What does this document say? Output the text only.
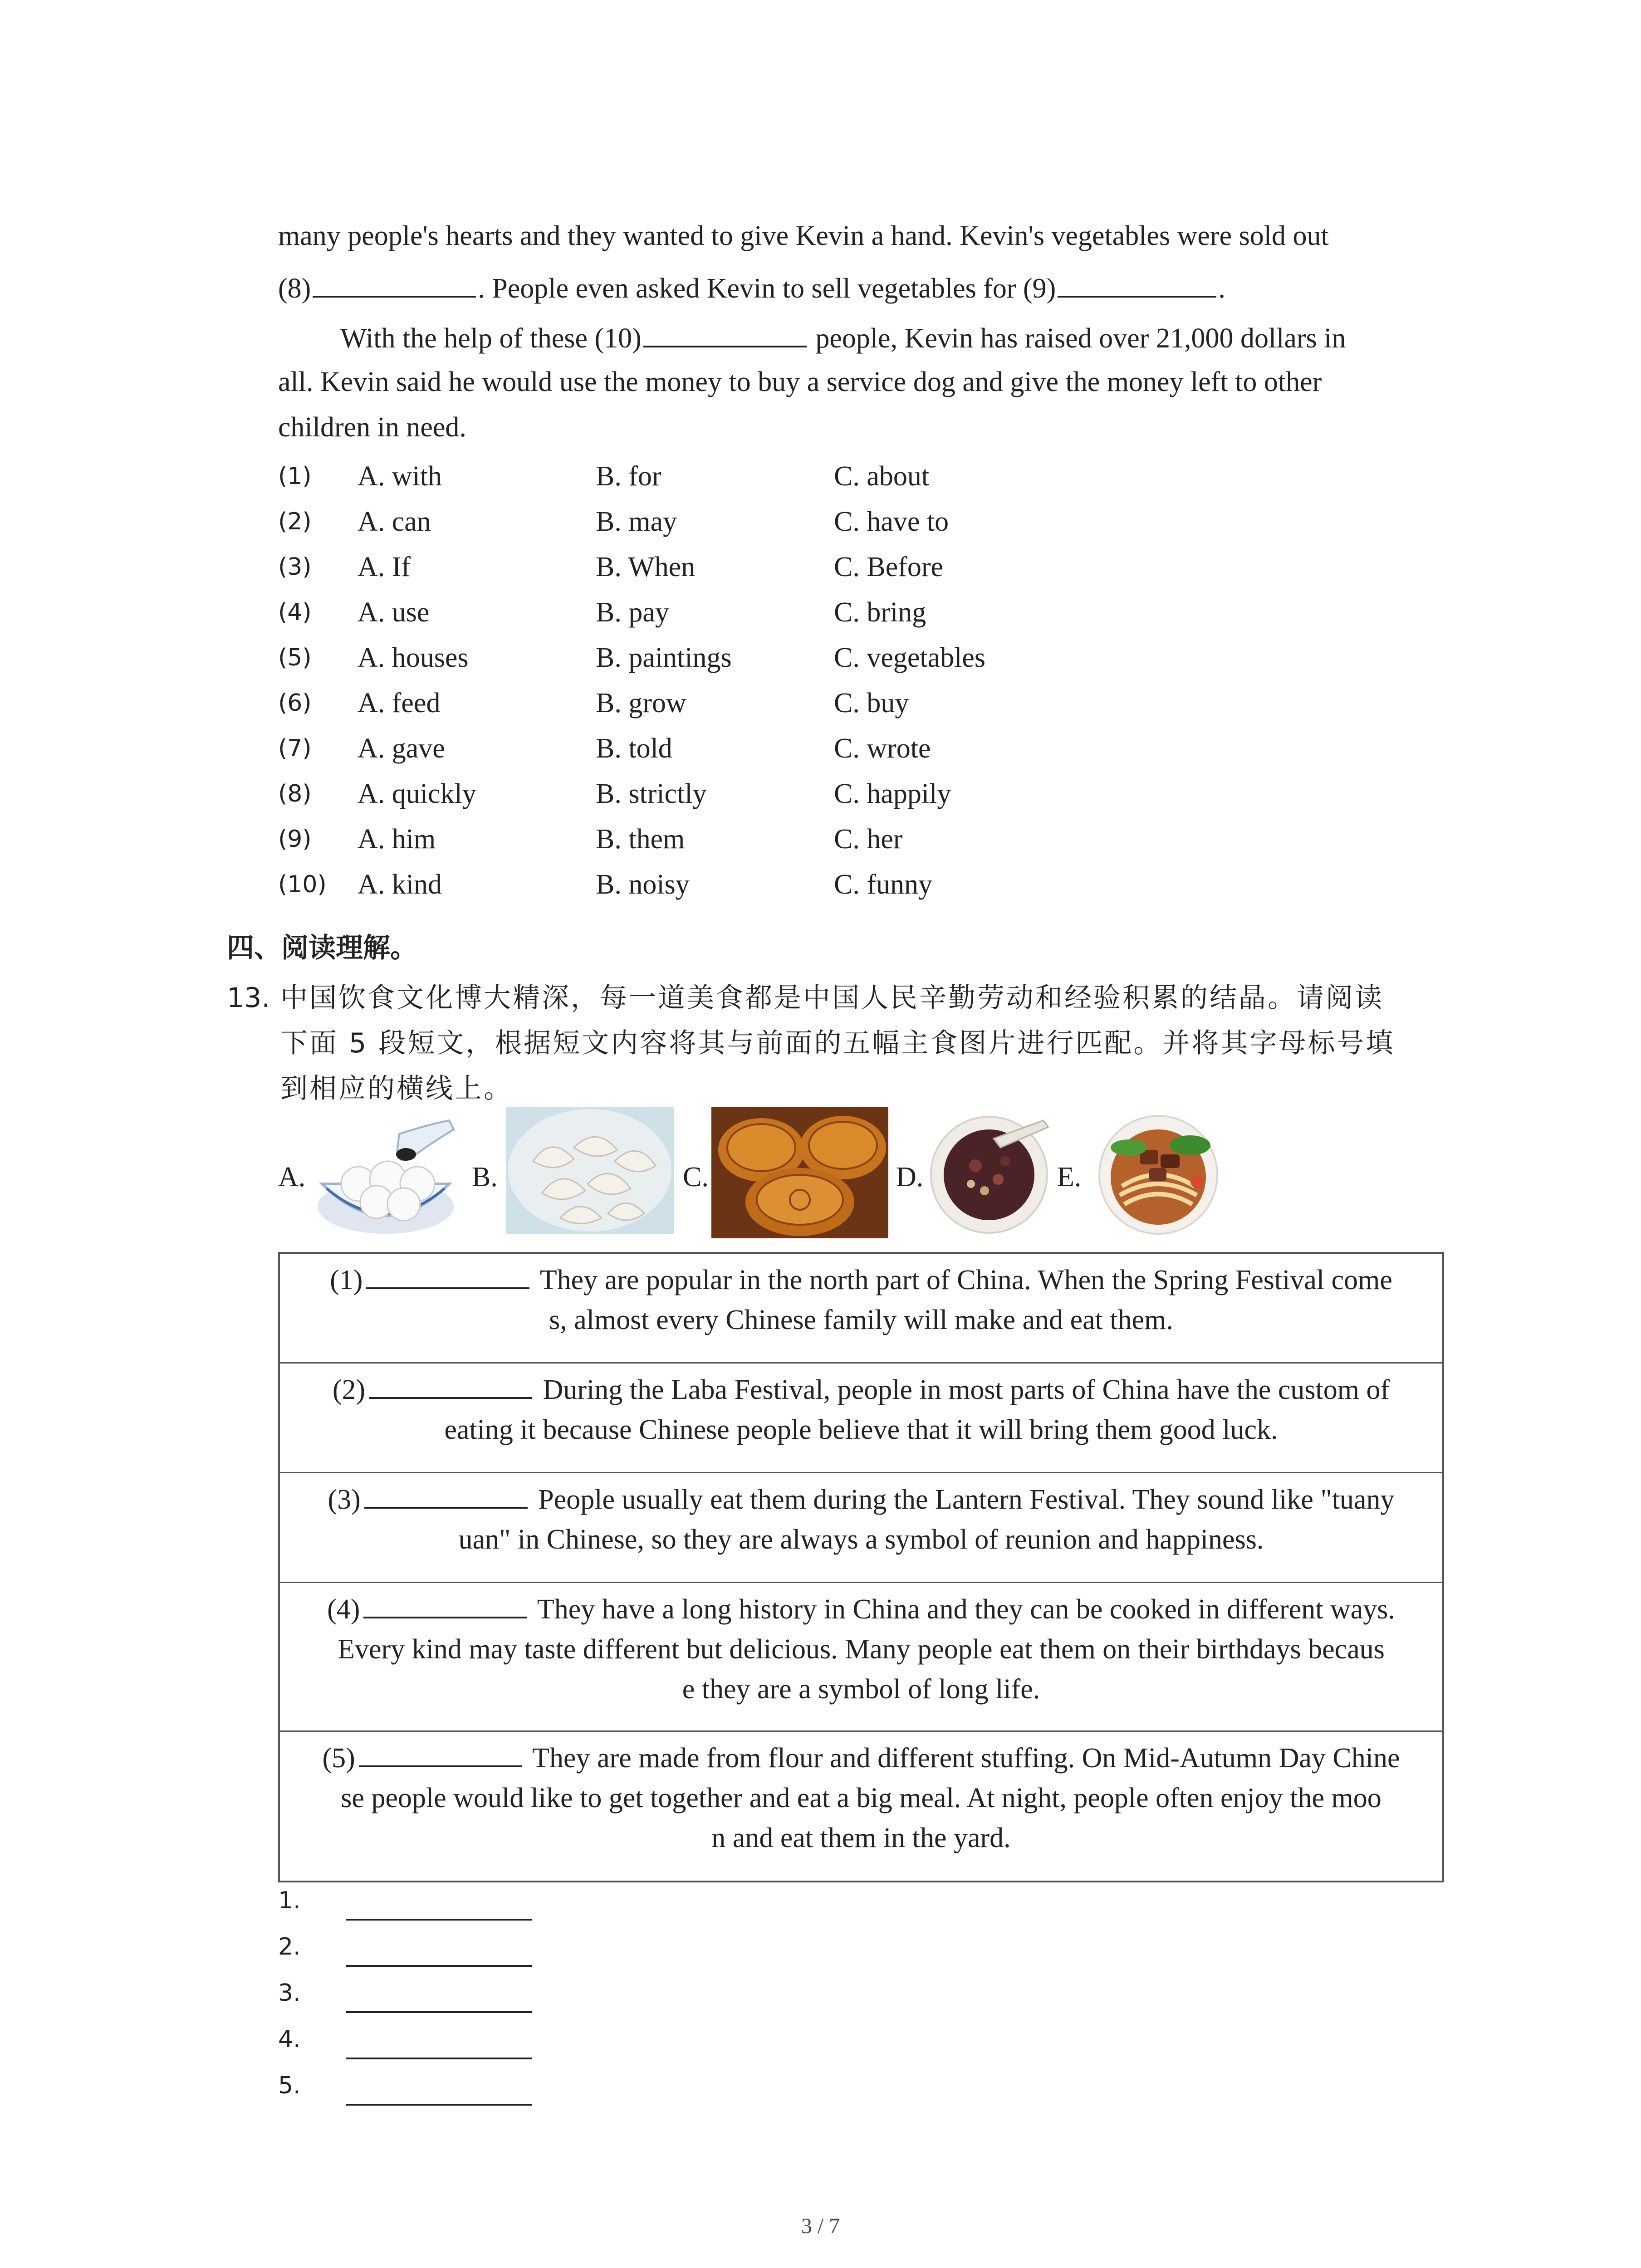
many people's hearts and they wanted to give Kevin a hand. Kevin's vegetables were sold out
(8)	. People even asked Kevin to sell vegetables for (9)	.
With the help of these (10)	people, Kevin has raised over 21,000 dollars in
all. Kevin said he would use the money to buy a service dog and give the money left to other
children in need.
(1)	A. with	B. for	C. about
(2)	A. can	B. may	C. have to
(3)	A. If	B. When	C. Before
(4)	A. use	B. pay	C. bring
(5)	A. houses	B. paintings	C. vegetables
(6)	A. feed	B. grow	C. buy
(7)	A. gave	B. told	C. wrote
(8)	A. quickly	B. strictly	C. happily
(9)	A. him	B. them	C. her
(10)	A. kind	B. noisy	C. funny
四、阅读理解。
13. 中国饮食文化博大精深，每一道美食都是中国人民辛勤劳动和经验积累的结晶。请阅读
下面 5 段短文，根据短文内容将其与前面的五幅主食图片进行匹配。并将其字母标号填
到相应的横线上。
A.	B.	C.	D.	E.
(1)	They are popular in the north part of China. When the Spring Festival come
s, almost every Chinese family will make and eat them.
(2)	During the Laba Festival, people in most parts of China have the custom of
eating it because Chinese people believe that it will bring them good luck.
(3)	People usually eat them during the Lantern Festival. They sound like "tuany
uan" in Chinese, so they are always a symbol of reunion and happiness.
(4)	They have a long history in China and they can be cooked in different ways.
Every kind may taste different but delicious. Many people eat them on their birthdays becaus
e they are a symbol of long life.
(5)	They are made from flour and different stuffing. On Mid-Autumn Day Chine
se people would like to get together and eat a big meal. At night, people often enjoy the moo
n and eat them in the yard.
1.
2.
3.
4.
5.
3 / 7
